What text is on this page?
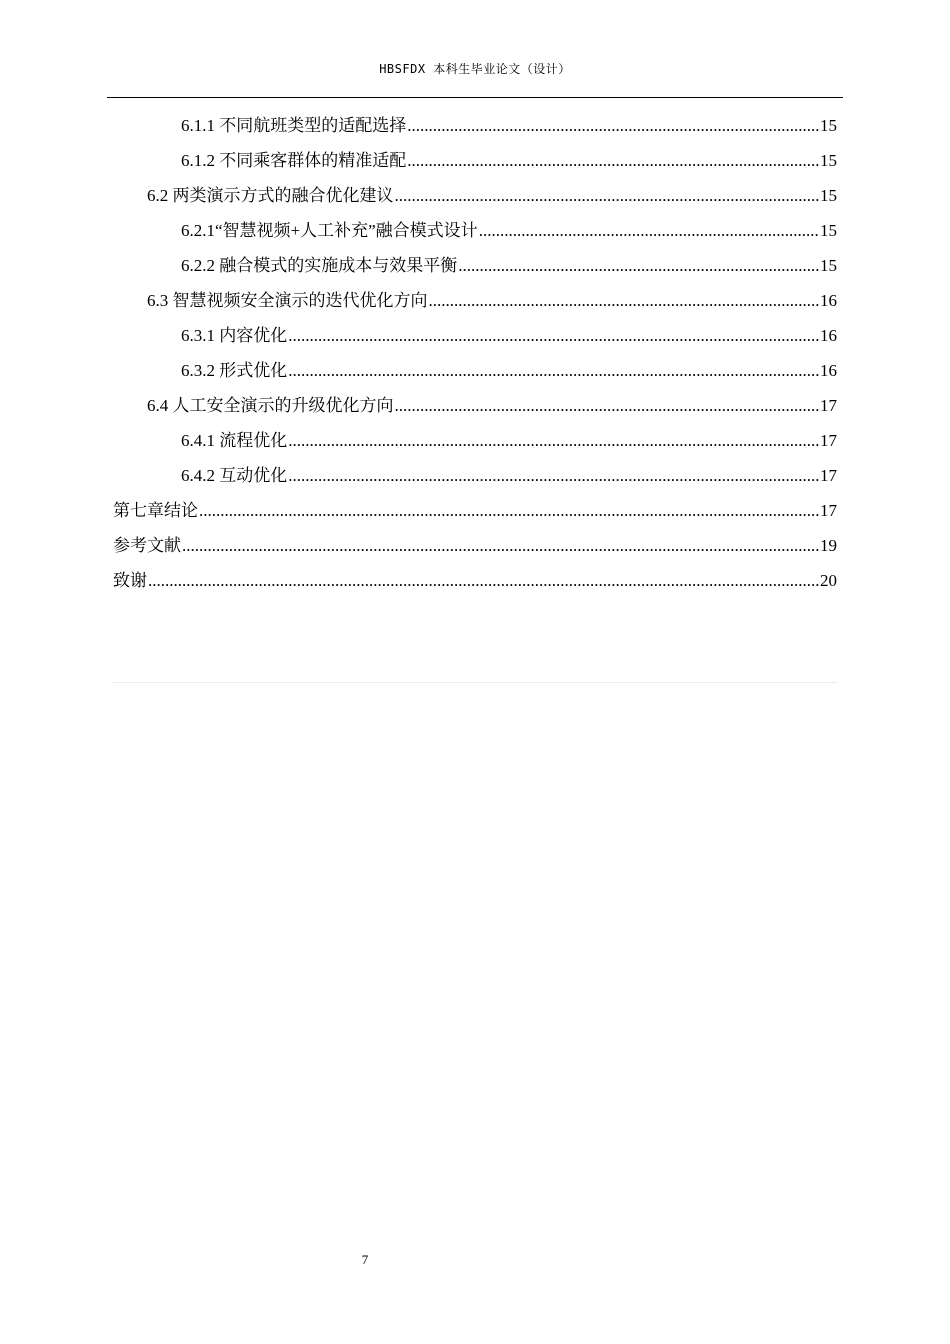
HBSFDX 本科生毕业论文（设计）
6.1.1 不同航班类型的适配选择 .....	15
6.1.2 不同乘客群体的精准适配 .....	15
6.2 两类演示方式的融合优化建议 .....	15
6.2.1“智慧视频+人工补充”融合模式设计 .....	15
6.2.2 融合模式的实施成本与效果平衡 .....	15
6.3 智慧视频安全演示的迭代优化方向 .....	16
6.3.1 内容优化 .....	16
6.3.2 形式优化 .....	16
6.4 人工安全演示的升级优化方向 .....	17
6.4.1 流程优化 .....	17
6.4.2 互动优化 .....	17
第七章结论 .....	17
参考文献 .....	19
致谢 .....	20
7
